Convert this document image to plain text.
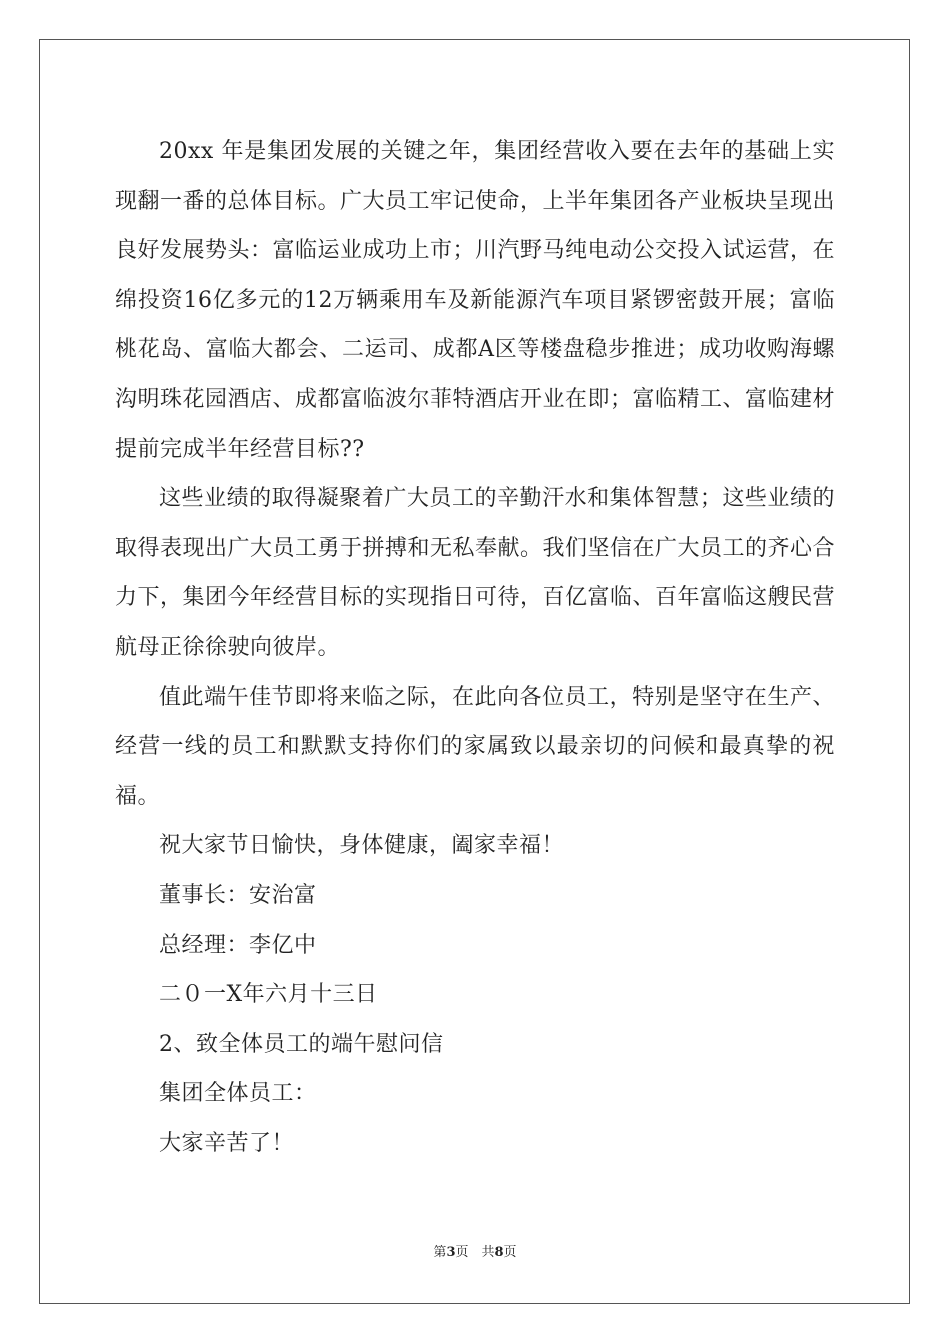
20xx 年是集团发展的关键之年，集团经营收入要在去年的基础上实现翻一番的总体目标。广大员工牢记使命，上半年集团各产业板块呈现出良好发展势头：富临运业成功上市；川汽野马纯电动公交投入试运营，在绵投资16亿多元的12万辆乘用车及新能源汽车项目紧锣密鼓开展；富临桃花岛、富临大都会、二运司、成都A区等楼盘稳步推进；成功收购海螺沟明珠花园酒店、成都富临波尔菲特酒店开业在即；富临精工、富临建材提前完成半年经营目标??

这些业绩的取得凝聚着广大员工的辛勤汗水和集体智慧；这些业绩的取得表现出广大员工勇于拼搏和无私奉献。我们坚信在广大员工的齐心合力下，集团今年经营目标的实现指日可待，百亿富临、百年富临这艘民营航母正徐徐驶向彼岸。

值此端午佳节即将来临之际，在此向各位员工，特别是坚守在生产、经营一线的员工和默默支持你们的家属致以最亲切的问候和最真挚的祝福。

祝大家节日愉快，身体健康，阖家幸福！

董事长：安治富

总经理：李亿中

二０一X年六月十三日

2、致全体员工的端午慰问信

集团全体员工：

大家辛苦了！

第3页　共8页
